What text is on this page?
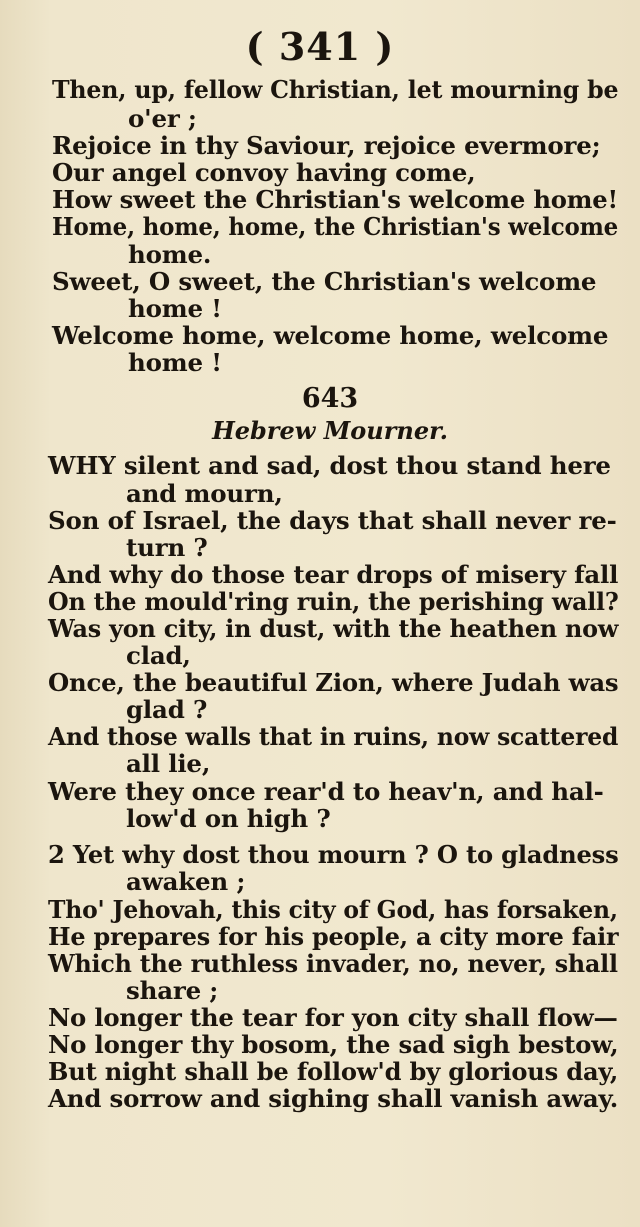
( 341 )
Then, up, fellow Christian, let mourning be
o'er ;
Rejoice in thy Saviour, rejoice evermore;
Our angel convoy having come,
How sweet the Christian's welcome home!
Home, home, home, the Christian's welcome
home.
Sweet, O sweet, the Christian's welcome
home !
Welcome home, welcome home, welcome
home !
643
Hebrew Mourner.
WHY silent and sad, dost thou stand here
and mourn,
Son of Israel, the days that shall never re-
turn ?
And why do those tear drops of misery fall
On the mould'ring ruin, the perishing wall?
Was yon city, in dust, with the heathen now
clad,
Once, the beautiful Zion, where Judah was
glad ?
And those walls that in ruins, now scattered
all lie,
Were they once rear'd to heav'n, and hal-
low'd on high ?
2 Yet why dost thou mourn ? O to gladness
awaken ;
Tho' Jehovah, this city of God, has forsaken,
He prepares for his people, a city more fair
Which the ruthless invader, no, never, shall
share ;
No longer the tear for yon city shall flow—
No longer thy bosom, the sad sigh bestow,
But night shall be follow'd by glorious day,
And sorrow and sighing shall vanish away.
